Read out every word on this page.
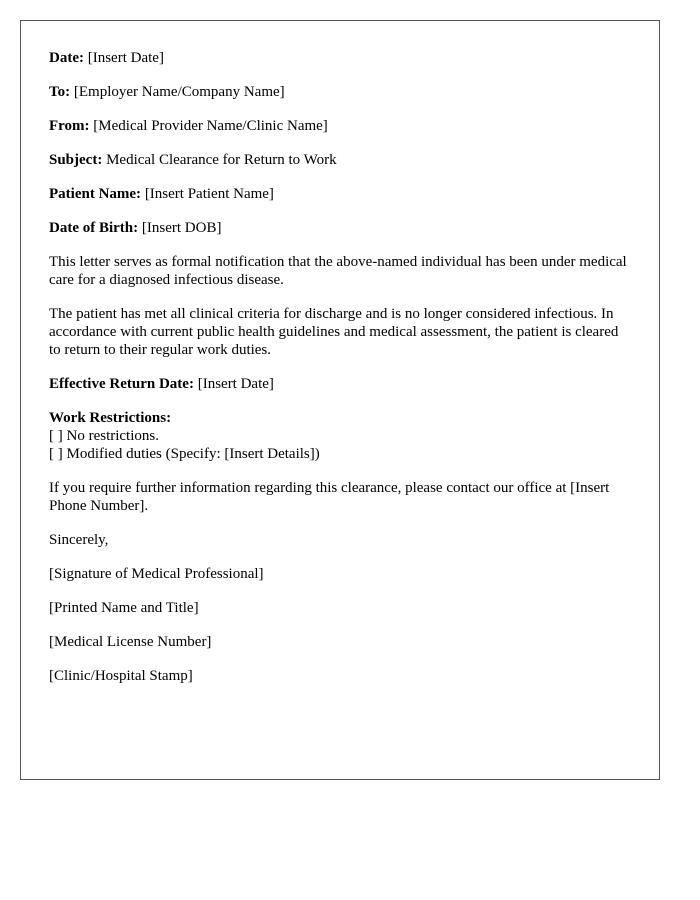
Date: [Insert Date]

To: [Employer Name/Company Name]

From: [Medical Provider Name/Clinic Name]

Subject: Medical Clearance for Return to Work

Patient Name: [Insert Patient Name]

Date of Birth: [Insert DOB]

This letter serves as formal notification that the above-named individual has been under medical care for a diagnosed infectious disease.

The patient has met all clinical criteria for discharge and is no longer considered infectious. In accordance with current public health guidelines and medical assessment, the patient is cleared to return to their regular work duties.

Effective Return Date: [Insert Date]

Work Restrictions:
[ ] No restrictions.
[ ] Modified duties (Specify: [Insert Details])

If you require further information regarding this clearance, please contact our office at [Insert Phone Number].

Sincerely,

[Signature of Medical Professional]

[Printed Name and Title]

[Medical License Number]

[Clinic/Hospital Stamp]
